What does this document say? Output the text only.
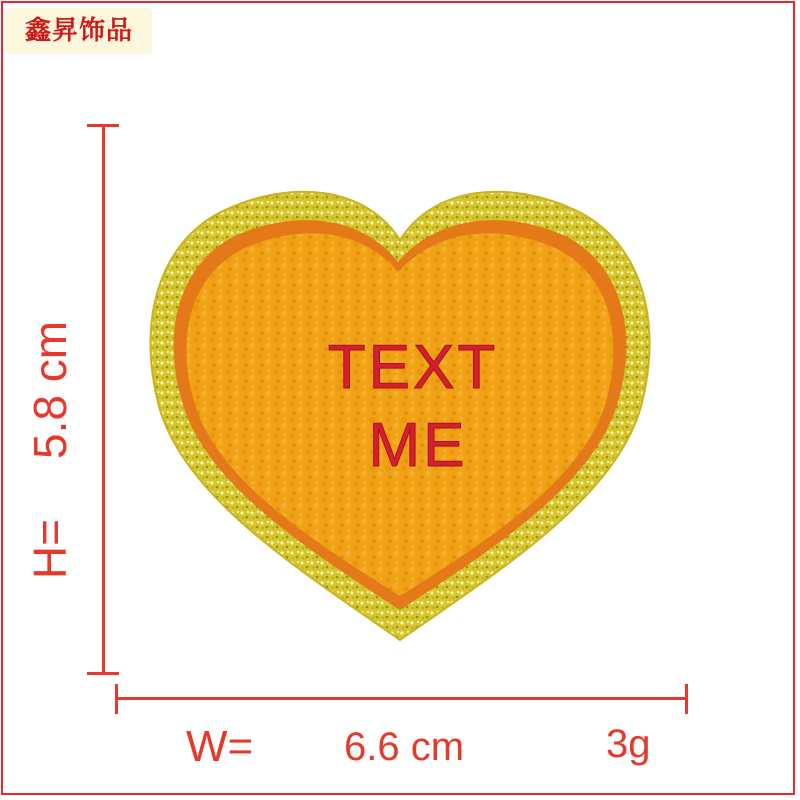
鑫昇饰品
H=5.8 cm
W= 6.6 cm	3g
TEXT
ME
